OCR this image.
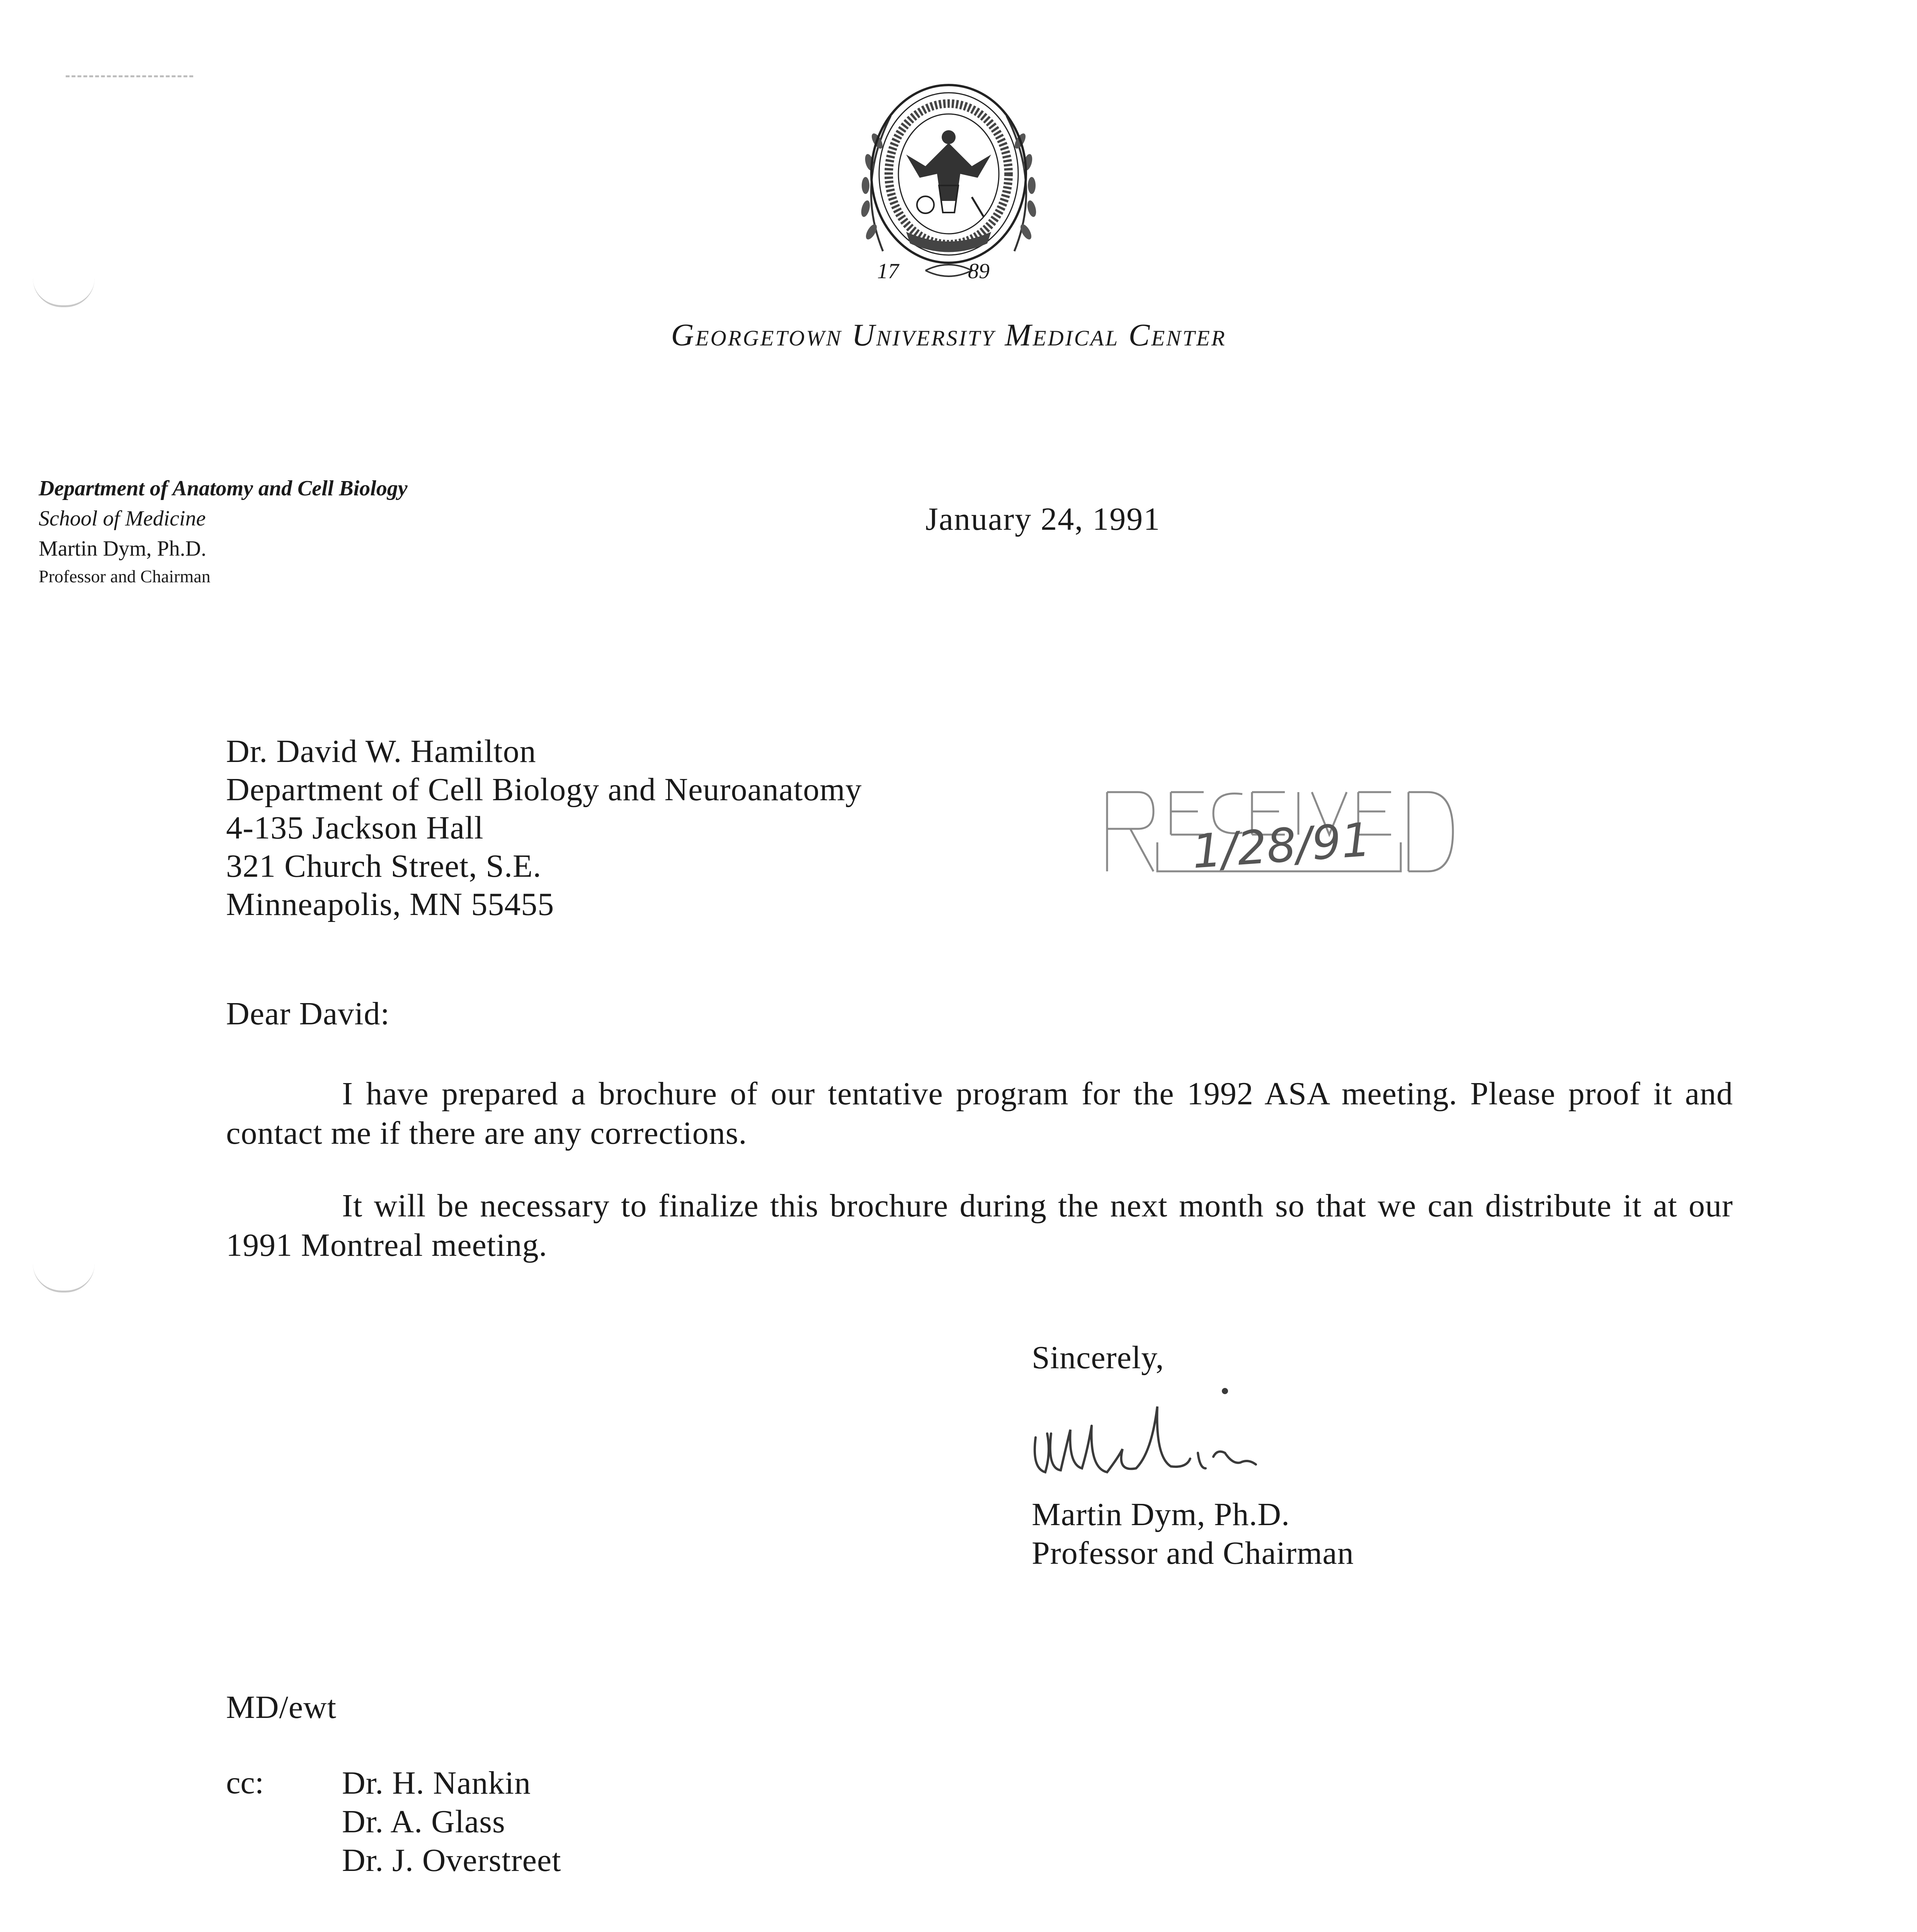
17	89
Georgetown University Medical Center
Department of Anatomy and Cell Biology
School of Medicine
Martin Dym, Ph.D.
Professor and Chairman
January 24, 1991
Dr. David W. Hamilton
Department of Cell Biology and Neuroanatomy
4-135 Jackson Hall
321 Church Street, S.E.
Minneapolis, MN 55455
1/28/91
Dear David:

I have prepared a brochure of our tentative program for the 1992 ASA meeting. Please proof it and contact me if there are any corrections.

It will be necessary to finalize this brochure during the next month so that we can distribute it at our 1991 Montreal meeting.

Sincerely,
Martin Dym, Ph.D.
Professor and Chairman
MD/ewt
cc: Dr. H. Nankin
Dr. A. Glass
Dr. J. Overstreet
